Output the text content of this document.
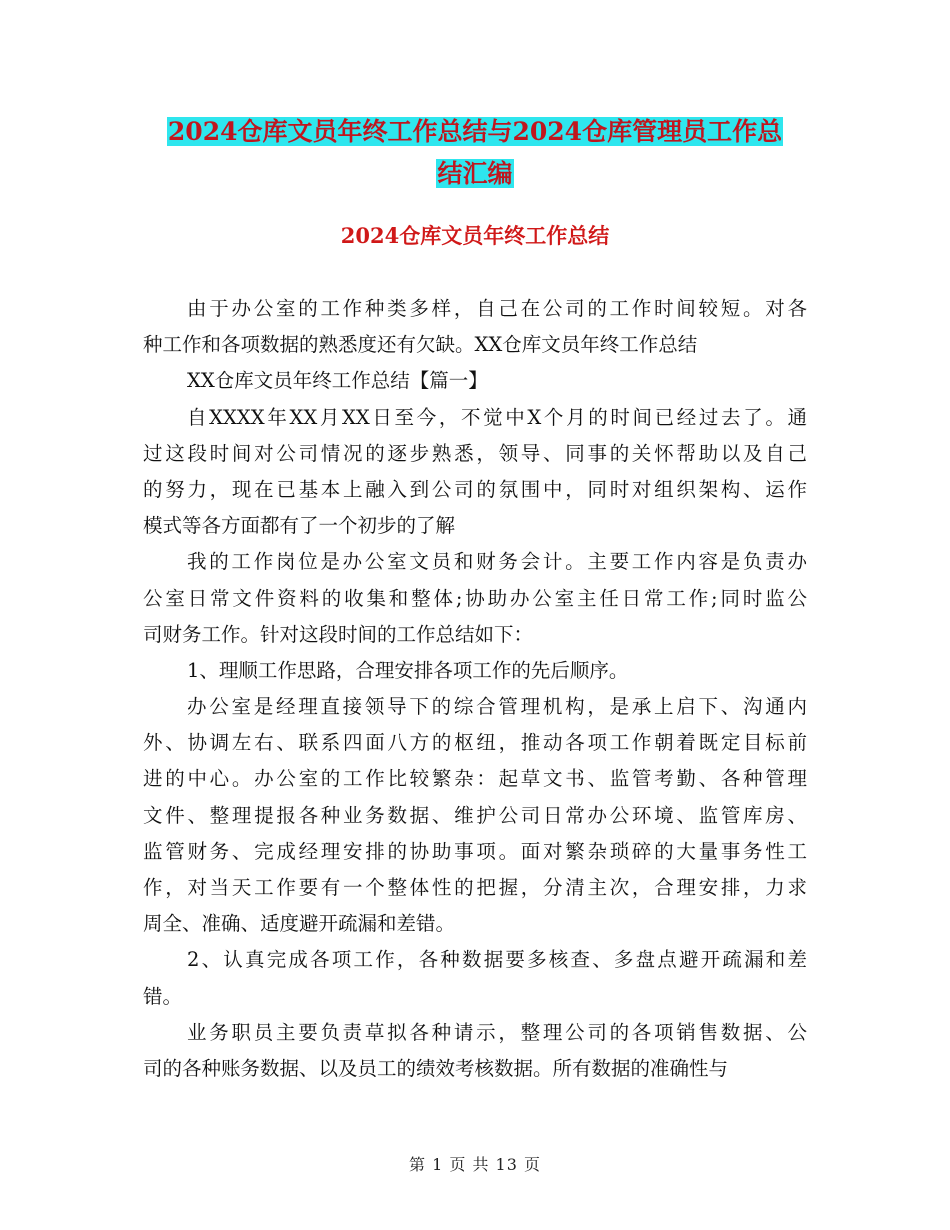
2024仓库文员年终工作总结与2024仓库管理员工作总
结汇编
2024仓库文员年终工作总结
由于办公室的工作种类多样，自己在公司的工作时间较短。对各
种工作和各项数据的熟悉度还有欠缺。XX仓库文员年终工作总结
XX仓库文员年终工作总结【篇一】
自XXXX年XX月XX日至今，不觉中X个月的时间已经过去了。通
过这段时间对公司情况的逐步熟悉，领导、同事的关怀帮助以及自己
的努力，现在已基本上融入到公司的氛围中，同时对组织架构、运作
模式等各方面都有了一个初步的了解
我的工作岗位是办公室文员和财务会计。主要工作内容是负责办
公室日常文件资料的收集和整体;协助办公室主任日常工作;同时监公
司财务工作。针对这段时间的工作总结如下：
1、理顺工作思路，合理安排各项工作的先后顺序。
办公室是经理直接领导下的综合管理机构，是承上启下、沟通内
外、协调左右、联系四面八方的枢纽，推动各项工作朝着既定目标前
进的中心。办公室的工作比较繁杂：起草文书、监管考勤、各种管理
文件、整理提报各种业务数据、维护公司日常办公环境、监管库房、
监管财务、完成经理安排的协助事项。面对繁杂琐碎的大量事务性工
作，对当天工作要有一个整体性的把握，分清主次，合理安排，力求
周全、准确、适度避开疏漏和差错。
2、认真完成各项工作，各种数据要多核查、多盘点避开疏漏和差
错。
业务职员主要负责草拟各种请示，整理公司的各项销售数据、公
司的各种账务数据、以及员工的绩效考核数据。所有数据的准确性与
第 1 页 共 13 页
